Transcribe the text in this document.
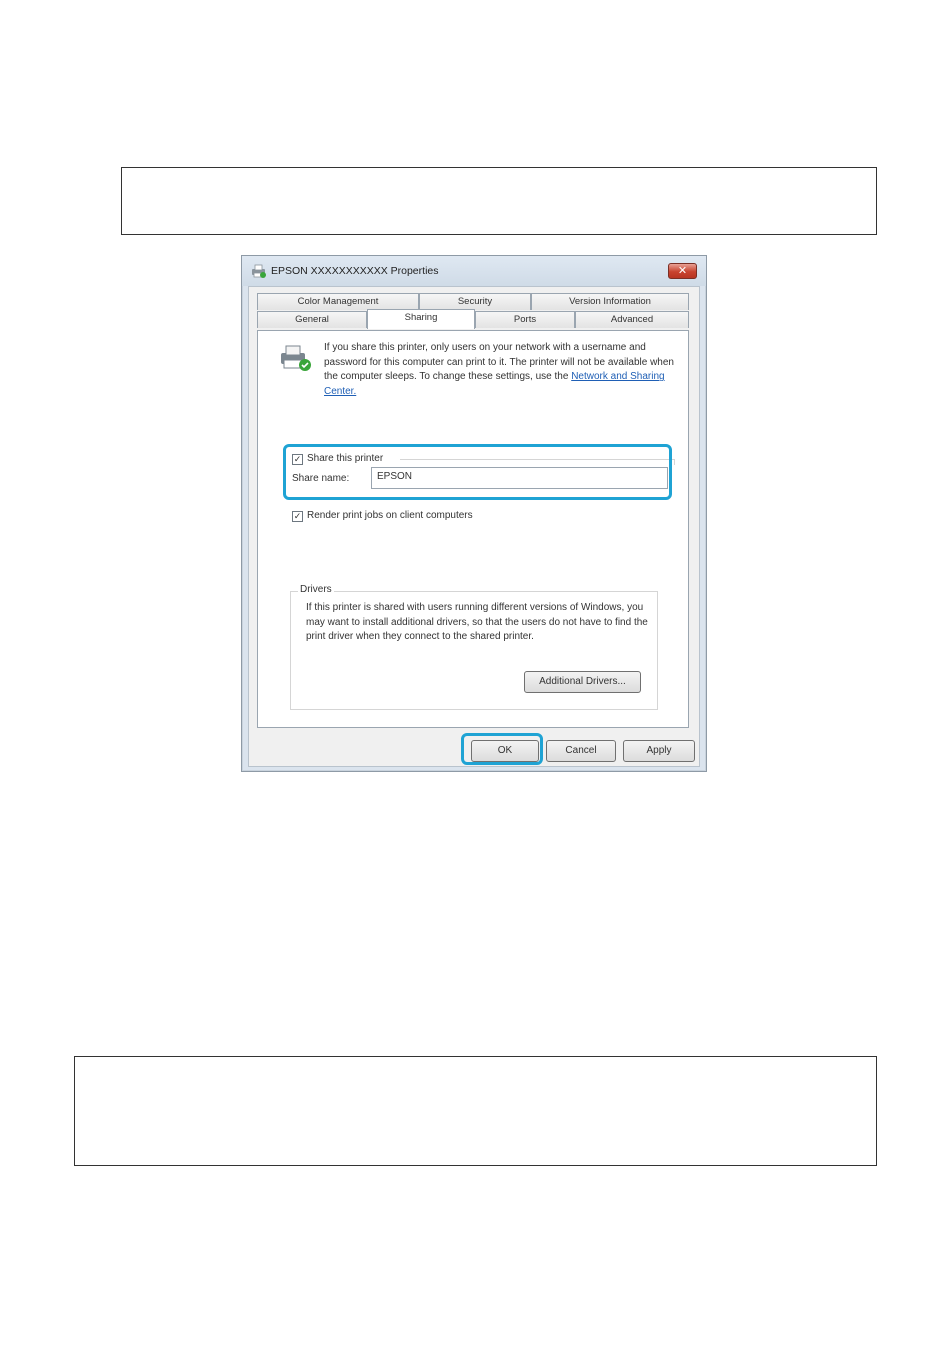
EPSON XXXXXXXXXXX Properties	✕
Color Management	Security	Version Information
General	Sharing	Ports	Advanced
If you share this printer, only users on your network with a username and password for this computer can print to it. The printer will not be available when the computer sleeps. To change these settings, use the Network and Sharing Center.
✓ Share this printer
Share name:	EPSON
✓ Render print jobs on client computers
Drivers
If this printer is shared with users running different versions of Windows, you may want to install additional drivers, so that the users do not have to find the print driver when they connect to the shared printer.
Additional Drivers...
OK	Cancel	Apply
